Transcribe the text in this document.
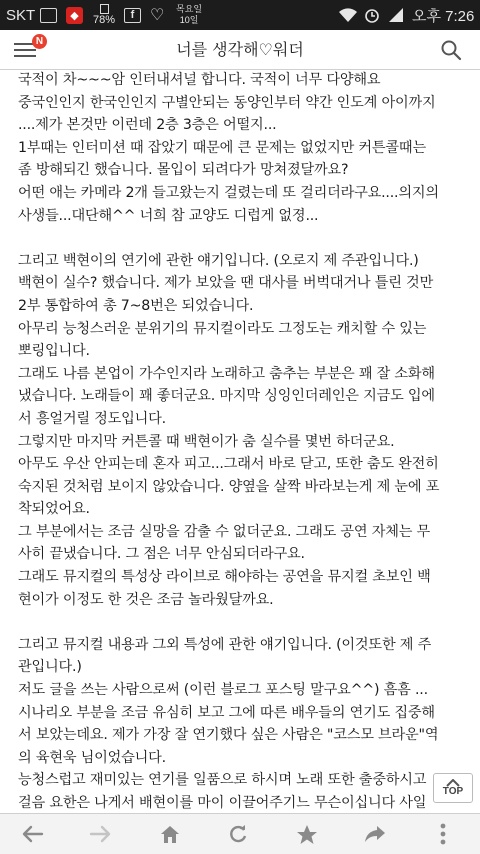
SKT	◆	78%	f ♡ 목요일
10일	오후 7:26
너를 생각해♡워더
N

국적이 차~~~암 인터내셔널 합니다. 국적이 너무 다양해요

중국인인지 한국인인지 구별안되는 동양인부터 약간 인도계 아이까지

....제가 본것만 이런데 2층 3층은 어떨지...

1부때는 인터미션 때 잡았기 때문에 큰 문제는 없었지만 커튼콜때는

좀 방해되긴 했습니다. 몰입이 되려다가 망쳐졌달까요?

어떤 애는 카메라 2개 들고왔는지 걸렸는데 또 걸리더라구요....의지의

사생들...대단해^^ 너희 참 교양도 디럽게 없졍...

그리고 백현이의 연기에 관한 얘기입니다. (오로지 제 주관입니다.)

백현이 실수? 했습니다. 제가 보았을 땐 대사를 버벅대거나 틀린 것만

2부 통합하여 총 7~8번은 되었습니다.

아무리 능청스러운 분위기의 뮤지컬이라도 그정도는 캐치할 수 있는

뽀링입니다.

그래도 나름 본업이 가수인지라 노래하고 춤추는 부분은 꽤 잘 소화해

냈습니다. 노래들이 꽤 좋더군요. 마지막 싱잉인더레인은 지금도 입에

서 흥얼거릴 정도입니다.

그렇지만 마지막 커튼콜 때 백현이가 춤 실수를 몇번 하더군요.

아무도 우산 안피는데 혼자 피고...그래서 바로 닫고, 또한 춤도 완전히

숙지된 것처럼 보이지 않았습니다. 양옆을 살짝 바라보는게 제 눈에 포

착되었어요.

그 부분에서는 조금 실망을 감출 수 없더군요. 그래도 공연 자체는 무

사히 끝냈습니다. 그 점은 너무 안심되더라구요.

그래도 뮤지컬의 특성상 라이브로 해야하는 공연을 뮤지컬 초보인 백

현이가 이정도 한 것은 조금 놀라웠달까요.

그리고 뮤지컬 내용과 그외 특성에 관한 얘기입니다. (이것또한 제 주

관입니다.)

저도 글을 쓰는 사람으로써 (이런 블로그 포스팅 말구요^^) 흠흠 ...

시나리오 부분을 조금 유심히 보고 그에 따른 배우들의 연기도 집중해

서 보았는데요. 제가 가장 잘 연기했다 싶은 사람은 "코스모 브라운"역

의 육현욱 님이었습니다.

능청스럽고 재미있는 연기를 일품으로 하시며 노래 또한 출중하시고

걸음 요한은 나게서 배현이를 마이 이끌어주기느 무슨이십니다 사일

TOP
